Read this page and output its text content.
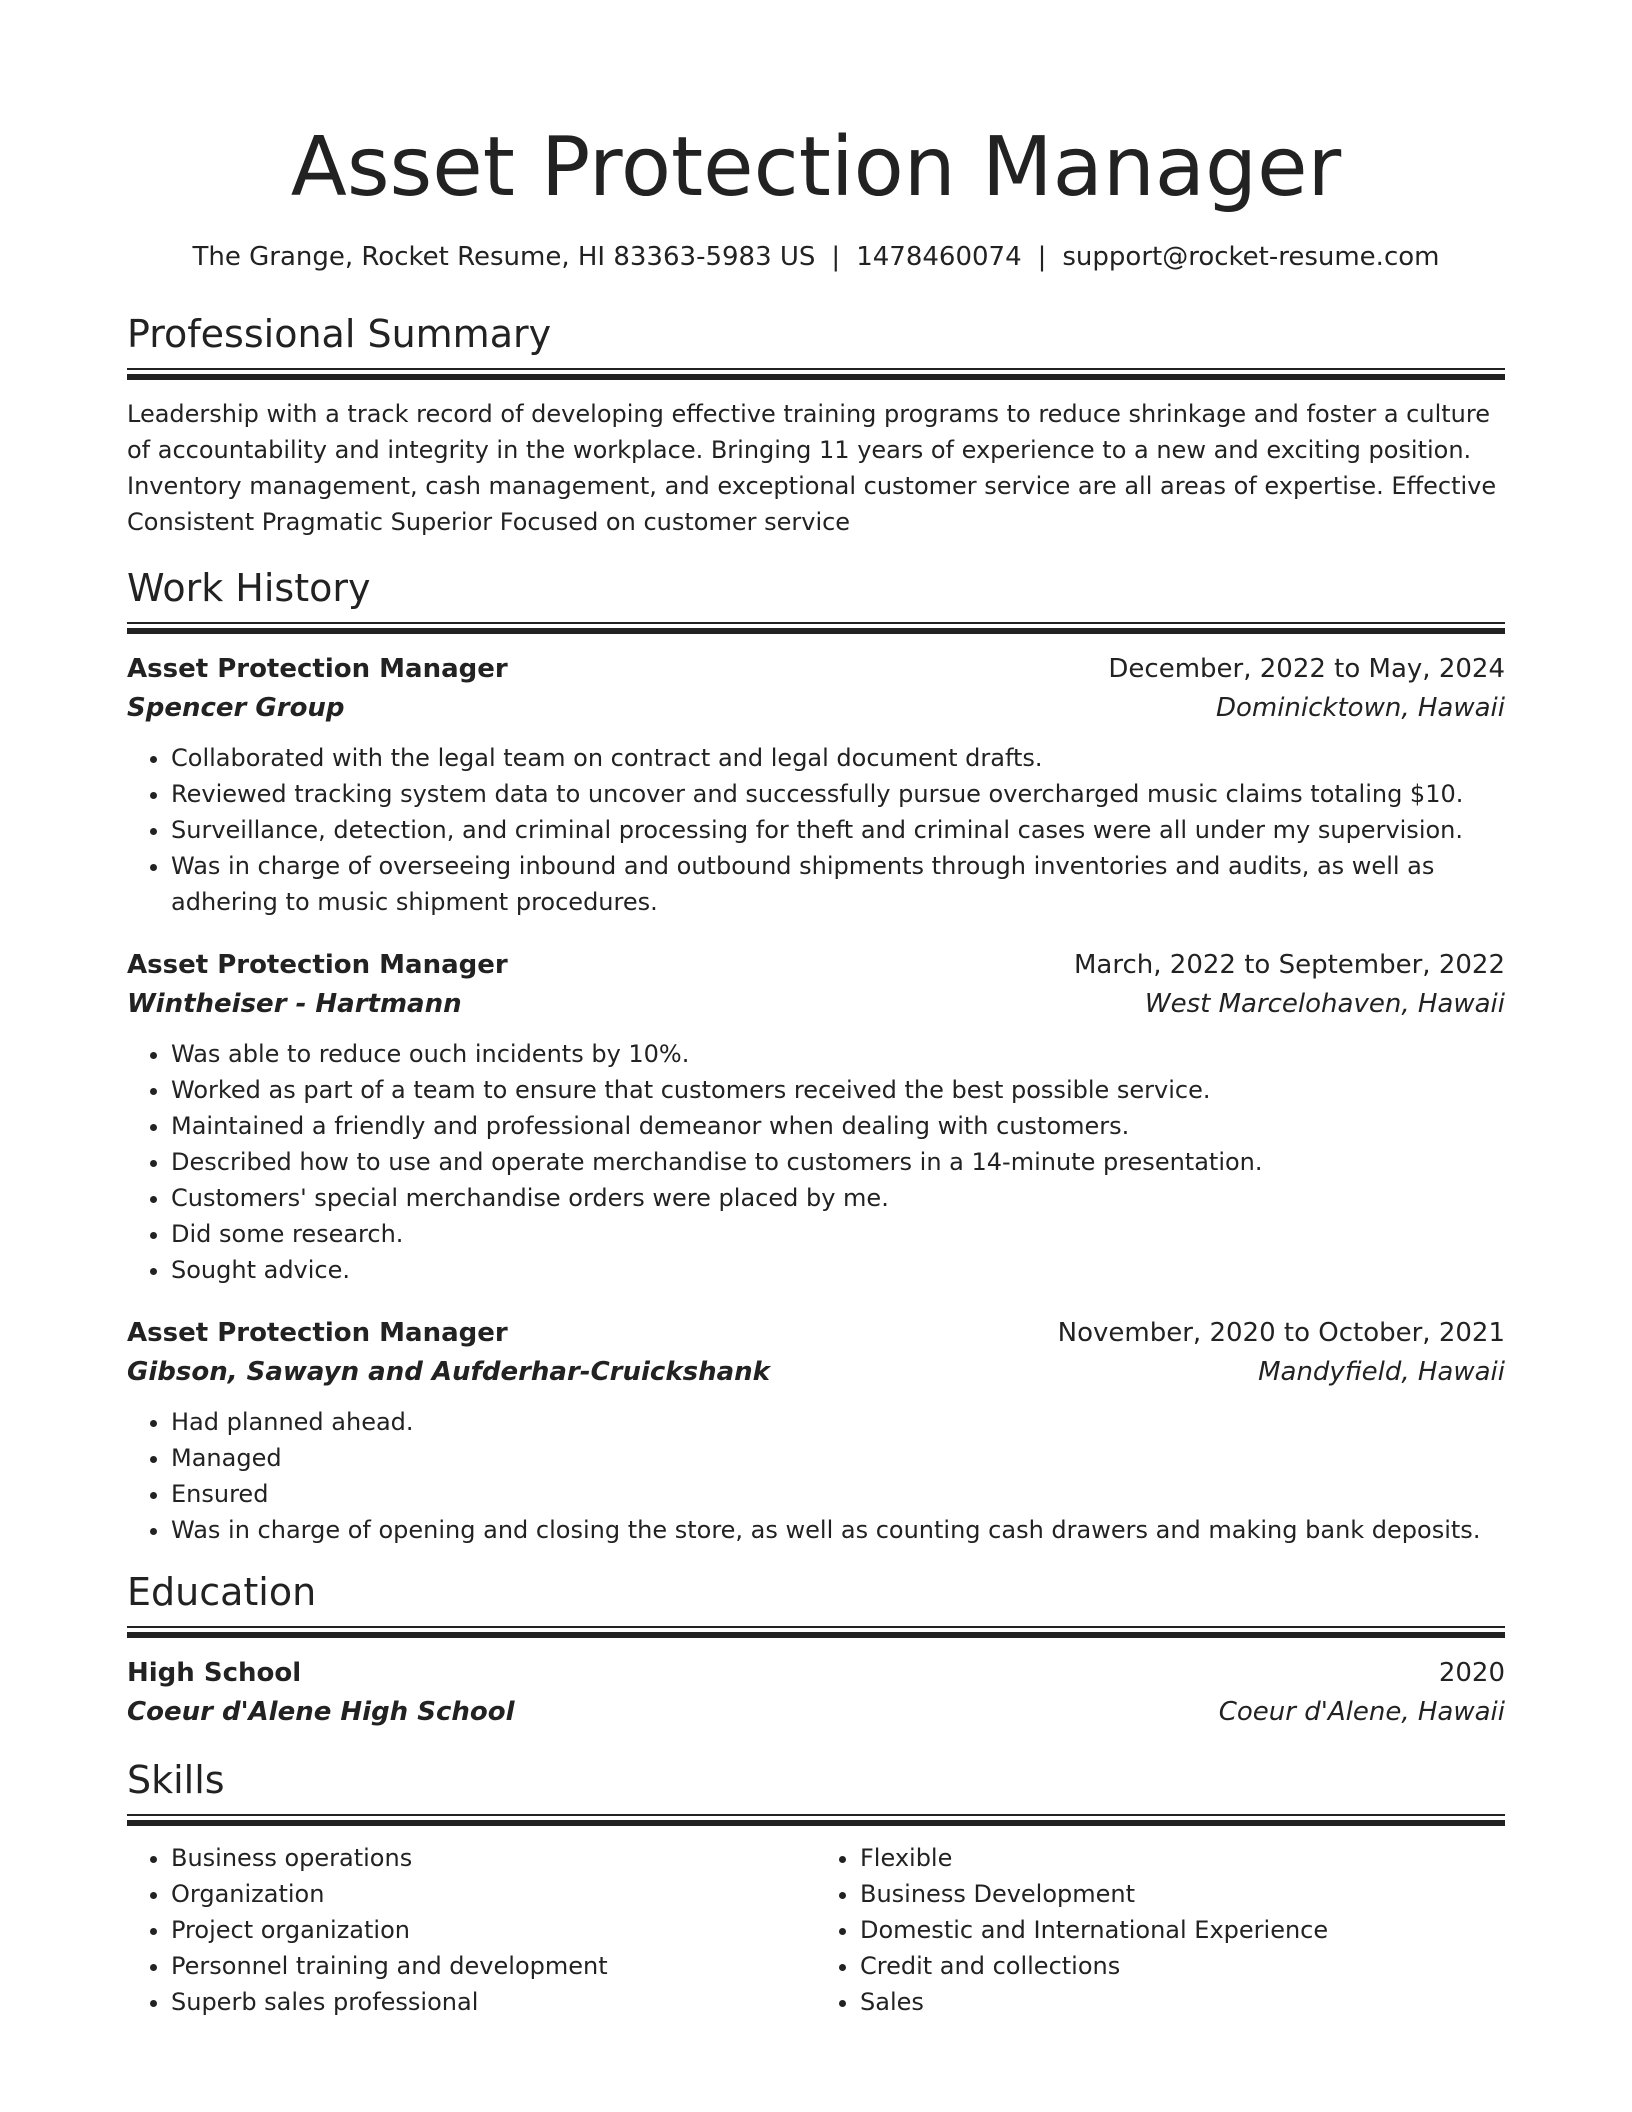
Asset Protection Manager
The Grange, Rocket Resume, HI 83363-5983 US | 1478460074 | support@rocket-resume.com
Professional Summary

Leadership with a track record of developing effective training programs to reduce shrinkage and foster a culture of accountability and integrity in the workplace. Bringing 11 years of experience to a new and exciting position. Inventory management, cash management, and exceptional customer service are all areas of expertise. Effective Consistent Pragmatic Superior Focused on customer service

Work History
Asset Protection Manager	December, 2022 to May, 2024
Spencer Group	Dominicktown, Hawaii
• Collaborated with the legal team on contract and legal document drafts.
• Reviewed tracking system data to uncover and successfully pursue overcharged music claims totaling $10.
• Surveillance, detection, and criminal processing for theft and criminal cases were all under my supervision.
• Was in charge of overseeing inbound and outbound shipments through inventories and audits, as well as adhering to music shipment procedures.
Asset Protection Manager	March, 2022 to September, 2022
Wintheiser - Hartmann	West Marcelohaven, Hawaii
• Was able to reduce ouch incidents by 10%.
• Worked as part of a team to ensure that customers received the best possible service.
• Maintained a friendly and professional demeanor when dealing with customers.
• Described how to use and operate merchandise to customers in a 14-minute presentation.
• Customers' special merchandise orders were placed by me.
• Did some research.
• Sought advice.
Asset Protection Manager	November, 2020 to October, 2021
Gibson, Sawayn and Aufderhar-Cruickshank	Mandyfield, Hawaii
• Had planned ahead.
• Managed
• Ensured
• Was in charge of opening and closing the store, as well as counting cash drawers and making bank deposits.
Education
High School	2020
Coeur d'Alene High School	Coeur d'Alene, Hawaii
Skills
• Business operations
• Organization
• Project organization
• Personnel training and development
• Superb sales professional
• Flexible
• Business Development
• Domestic and International Experience
• Credit and collections
• Sales
